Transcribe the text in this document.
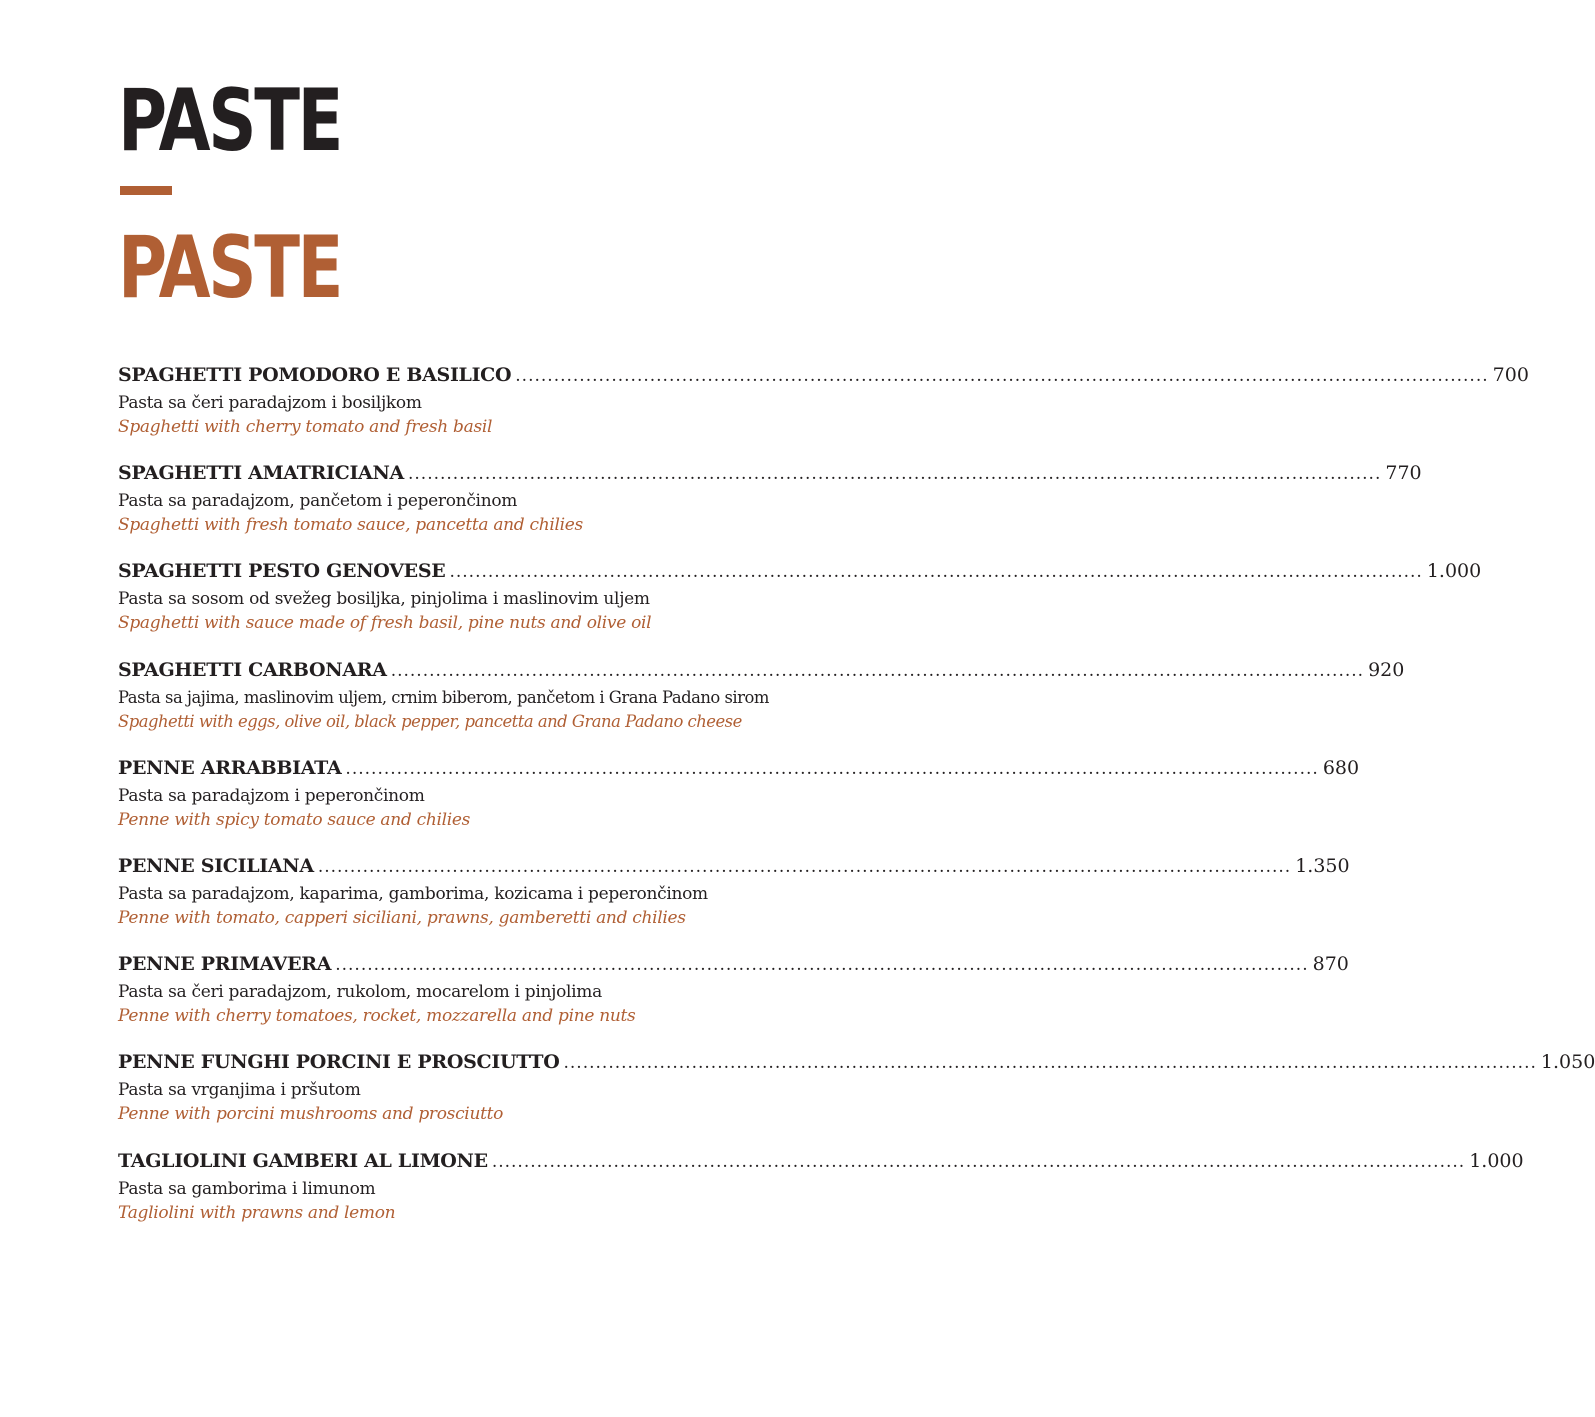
PASTE
PASTE
SPAGHETTI POMODORO E BASILICO ........................................................................................................................................................ 700
Pasta sa čeri paradajzom i bosiljkom
Spaghetti with cherry tomato and fresh basil
SPAGHETTI AMATRICIANA ........................................................................................................................................................ 770
Pasta sa paradajzom, pančetom i peperončinom
Spaghetti with fresh tomato sauce, pancetta and chilies
SPAGHETTI PESTO GENOVESE ........................................................................................................................................................ 1.000
Pasta sa sosom od svežeg bosiljka, pinjolima i maslinovim uljem
Spaghetti with sauce made of fresh basil, pine nuts and olive oil
SPAGHETTI CARBONARA ........................................................................................................................................................ 920
Pasta sa jajima, maslinovim uljem, crnim biberom, pančetom i Grana Padano sirom
Spaghetti with eggs, olive oil, black pepper, pancetta and Grana Padano cheese
PENNE ARRABBIATA ........................................................................................................................................................ 680
Pasta sa paradajzom i peperončinom
Penne with spicy tomato sauce and chilies
PENNE SICILIANA ........................................................................................................................................................ 1.350
Pasta sa paradajzom, kaparima, gamborima, kozicama i peperončinom
Penne with tomato, capperi siciliani, prawns, gamberetti and chilies
PENNE PRIMAVERA ........................................................................................................................................................ 870
Pasta sa čeri paradajzom, rukolom, mocarelom i pinjolima
Penne with cherry tomatoes, rocket, mozzarella and pine nuts
PENNE FUNGHI PORCINI E PROSCIUTTO ........................................................................................................................................................ 1.050
Pasta sa vrganjima i pršutom
Penne with porcini mushrooms and prosciutto
TAGLIOLINI GAMBERI AL LIMONE ........................................................................................................................................................ 1.000
Pasta sa gamborima i limunom
Tagliolini with prawns and lemon
